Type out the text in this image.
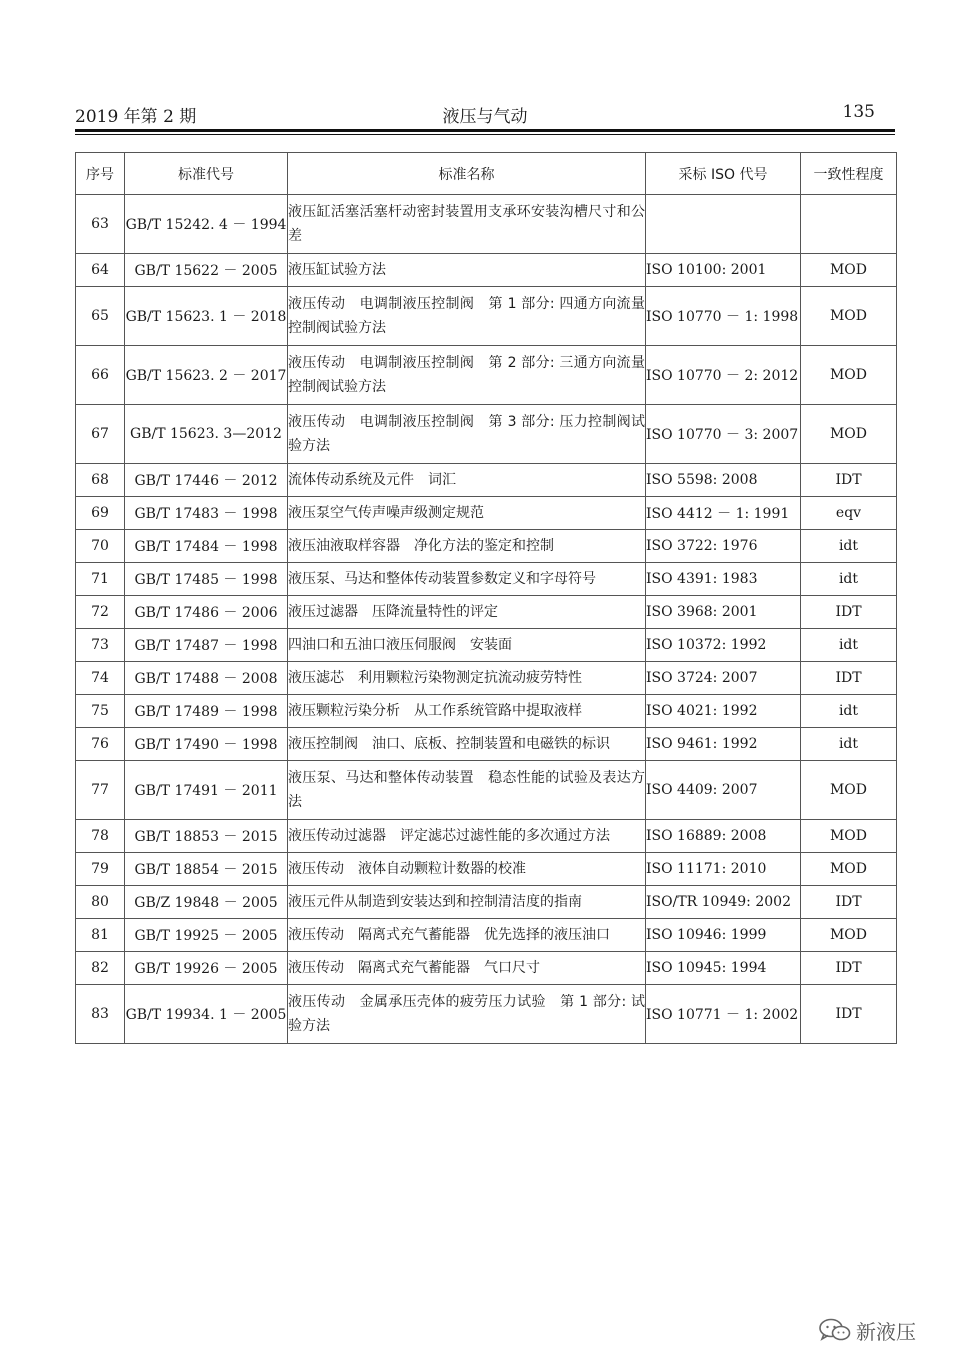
2019 年第 2 期	液压与气动	135
序号	标准代号	标准名称	采标 ISO 代号	一致性程度
63	GB/T 15242. 4 － 1994	液压缸活塞活塞杆动密封装置用支承环安装沟槽尺寸和公差		
64	GB/T 15622 － 2005	液压缸试验方法	ISO 10100: 2001	MOD
65	GB/T 15623. 1 － 2018	液压传动　电调制液压控制阀　第 1 部分: 四通方向流量控制阀试验方法	ISO 10770 － 1: 1998	MOD
66	GB/T 15623. 2 － 2017	液压传动　电调制液压控制阀　第 2 部分: 三通方向流量控制阀试验方法	ISO 10770 － 2: 2012	MOD
67	GB/T 15623. 3—2012	液压传动　电调制液压控制阀　第 3 部分: 压力控制阀试验方法	ISO 10770 － 3: 2007	MOD
68	GB/T 17446 － 2012	流体传动系统及元件　词汇	ISO 5598: 2008	IDT
69	GB/T 17483 － 1998	液压泵空气传声噪声级测定规范	ISO 4412 － 1: 1991	eqv
70	GB/T 17484 － 1998	液压油液取样容器　净化方法的鉴定和控制	ISO 3722: 1976	idt
71	GB/T 17485 － 1998	液压泵、马达和整体传动装置参数定义和字母符号	ISO 4391: 1983	idt
72	GB/T 17486 － 2006	液压过滤器　压降流量特性的评定	ISO 3968: 2001	IDT
73	GB/T 17487 － 1998	四油口和五油口液压伺服阀　安装面	ISO 10372: 1992	idt
74	GB/T 17488 － 2008	液压滤芯　利用颗粒污染物测定抗流动疲劳特性	ISO 3724: 2007	IDT
75	GB/T 17489 － 1998	液压颗粒污染分析　从工作系统管路中提取液样	ISO 4021: 1992	idt
76	GB/T 17490 － 1998	液压控制阀　油口、底板、控制装置和电磁铁的标识	ISO 9461: 1992	idt
77	GB/T 17491 － 2011	液压泵、马达和整体传动装置　稳态性能的试验及表达方法	ISO 4409: 2007	MOD
78	GB/T 18853 － 2015	液压传动过滤器　评定滤芯过滤性能的多次通过方法	ISO 16889: 2008	MOD
79	GB/T 18854 － 2015	液压传动　液体自动颗粒计数器的校准	ISO 11171: 2010	MOD
80	GB/Z 19848 － 2005	液压元件从制造到安装达到和控制清洁度的指南	ISO/TR 10949: 2002	IDT
81	GB/T 19925 － 2005	液压传动　隔离式充气蓄能器　优先选择的液压油口	ISO 10946: 1999	MOD
82	GB/T 19926 － 2005	液压传动　隔离式充气蓄能器　气口尺寸	ISO 10945: 1994	IDT
83	GB/T 19934. 1 － 2005	液压传动　金属承压壳体的疲劳压力试验　第 1 部分: 试验方法	ISO 10771 － 1: 2002	IDT
新液压
